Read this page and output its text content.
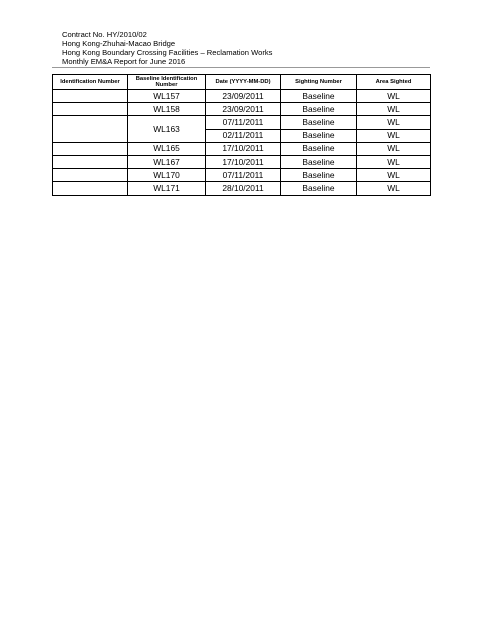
Contract No. HY/2010/02
Hong Kong-Zhuhai-Macao Bridge
Hong Kong Boundary Crossing Facilities – Reclamation Works
Monthly EM&A Report for June 2016
Identification Number	Baseline Identification Number	Date (YYYY-MM-DD)	Sighting Number	Area Sighted
	WL157	23/09/2011	Baseline	WL
	WL158	23/09/2011	Baseline	WL
	WL163	07/11/2011	Baseline	WL
		02/11/2011	Baseline	WL
	WL165	17/10/2011	Baseline	WL
	WL167	17/10/2011	Baseline	WL
	WL170	07/11/2011	Baseline	WL
	WL171	28/10/2011	Baseline	WL
